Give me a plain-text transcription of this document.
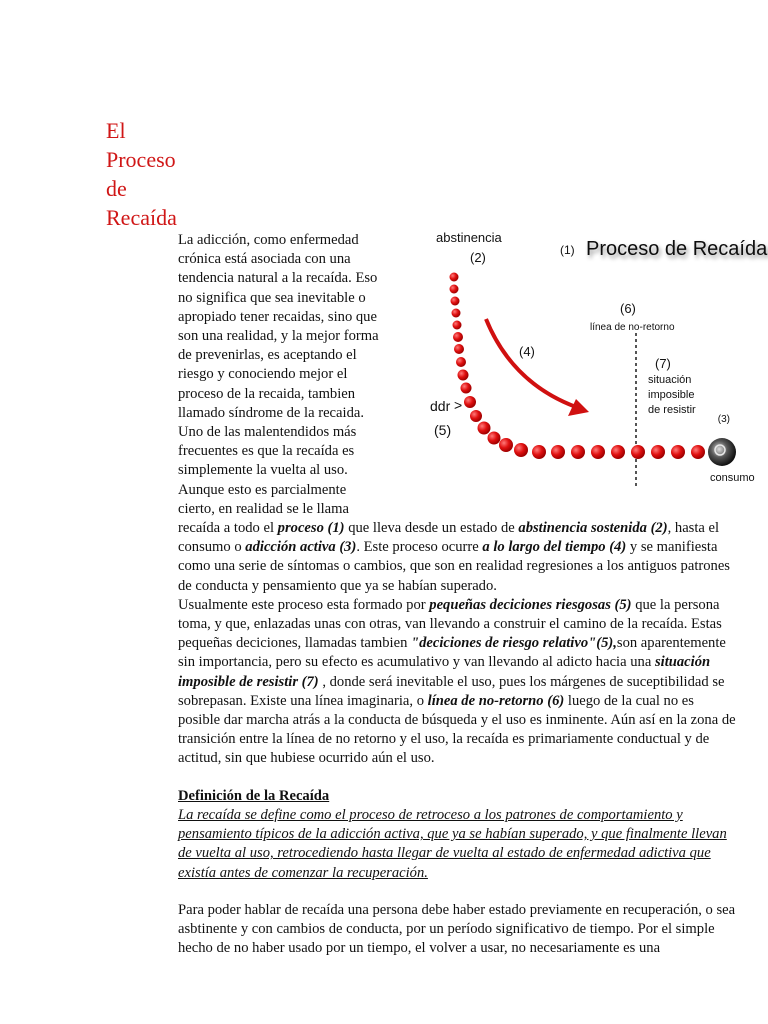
El
Proceso
de
Recaída
(1) Proceso de Recaída
abstinencia
(2)
(6)
línea de no-retorno
(4)
(7)
situación
imposible
de resistir
ddr >
(5)
(3)
consumo

La adicción, como enfermedad crónica está asociada con una tendencia natural a la recaída. Eso no significa que sea inevitable o apropiado tener recaidas, sino que son una realidad, y la mejor forma de prevenirlas, es aceptando el riesgo y conociendo mejor el proceso de la recaida, tambien llamado síndrome de la recaida. Uno de las malentendidos más frecuentes es que la recaída es simplemente la vuelta al uso. Aunque esto es parcialmente cierto, en realidad se le llama recaída a todo el proceso (1) que lleva desde un estado de abstinencia sostenida (2), hasta el consumo o adicción activa (3). Este proceso ocurre a lo largo del tiempo (4) y se manifiesta como una serie de síntomas o cambios, que son en realidad regresiones a los antiguos patrones de conducta y pensamiento que ya se habían superado.

Usualmente este proceso esta formado por pequeñas deciciones riesgosas (5) que la persona toma, y que, enlazadas unas con otras, van llevando a construir el camino de la recaída. Estas pequeñas deciciones, llamadas tambien "deciciones de riesgo relativo"(5),son aparentemente sin importancia, pero su efecto es acumulativo y van llevando al adicto hacia una situación imposible de resistir (7) , donde será inevitable el uso, pues los márgenes de suceptibilidad se sobrepasan. Existe una línea imaginaria, o línea de no-retorno (6) luego de la cual no es posible dar marcha atrás a la conducta de búsqueda y el uso es inminente. Aún así en la zona de transición entre la línea de no retorno y el uso, la recaída es primariamente conductual y de actitud, sin que hubiese ocurrido aún el uso.

Definición de la Recaída

La recaída se define como el proceso de retroceso a los patrones de comportamiento y pensamiento típicos de la adicción activa, que ya se habían superado, y que finalmente llevan de vuelta al uso, retrocediendo hasta llegar de vuelta al estado de enfermedad adictiva que existía antes de comenzar la recuperación.

Para poder hablar de recaída una persona debe haber estado previamente en recuperación, o sea asbtinente y con cambios de conducta, por un período significativo de tiempo. Por el simple hecho de no haber usado por un tiempo, el volver a usar, no necesariamente es una
